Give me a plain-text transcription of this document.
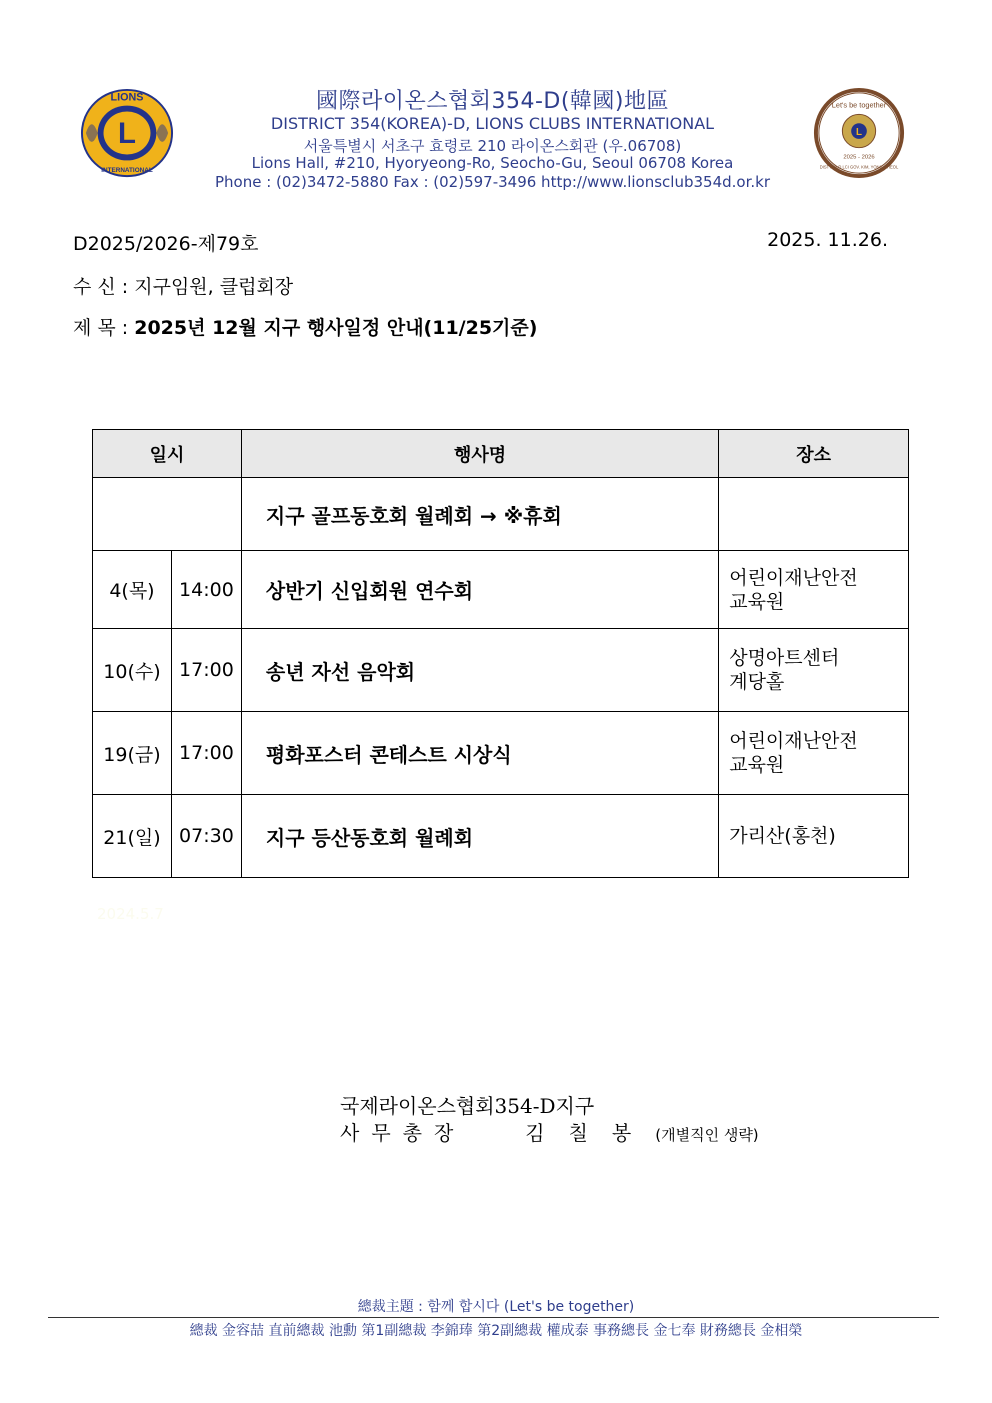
L
LIONS
INTERNATIONAL
國際라이온스협회354-D(韓國)地區
DISTRICT 354(KOREA)-D, LIONS CLUBS INTERNATIONAL
서울특별시 서초구 효령로 210 라이온스회관 (우.06708)
Lions Hall, #210, Hyoryeong-Ro, Seocho-Gu, Seoul 06708 Korea
Phone : (02)3472-5880 Fax : (02)597-3496 http://www.lionsclub354d.or.kr
L
Let's be together
2025 - 2026
DIST 354-D LCI GOV. KIM, YONG-CHEOL
D2025/2026-제79호	2025. 11.26.
수 신 : 지구임원, 클럽회장
제 목 : 2025년 12월 지구 행사일정 안내(11/25기준)
일시		행사명	장소
		지구 골프동호회 월례회 → ※휴회	
4(목)	14:00	상반기 신입회원 연수회	어린이재난안전
교육원

10(수)	17:00	송년 자선 음악회	상명아트센터
계당홀

19(금)	17:00	평화포스터 콘테스트 시상식	어린이재난안전
교육원

21(일)	07:30	지구 등산동호회 월례회	가리산(홍천)
2024.5.7
국제라이온스협회354-D지구
사무총장	김칠봉(개별직인 생략)
總裁主題 : 함께 합시다 (Let's be together)
總裁 金容喆 直前總裁 池勳 第1副總裁 李錦琫 第2副總裁 權成泰 事務總長 金七奉 財務總長 金相榮
